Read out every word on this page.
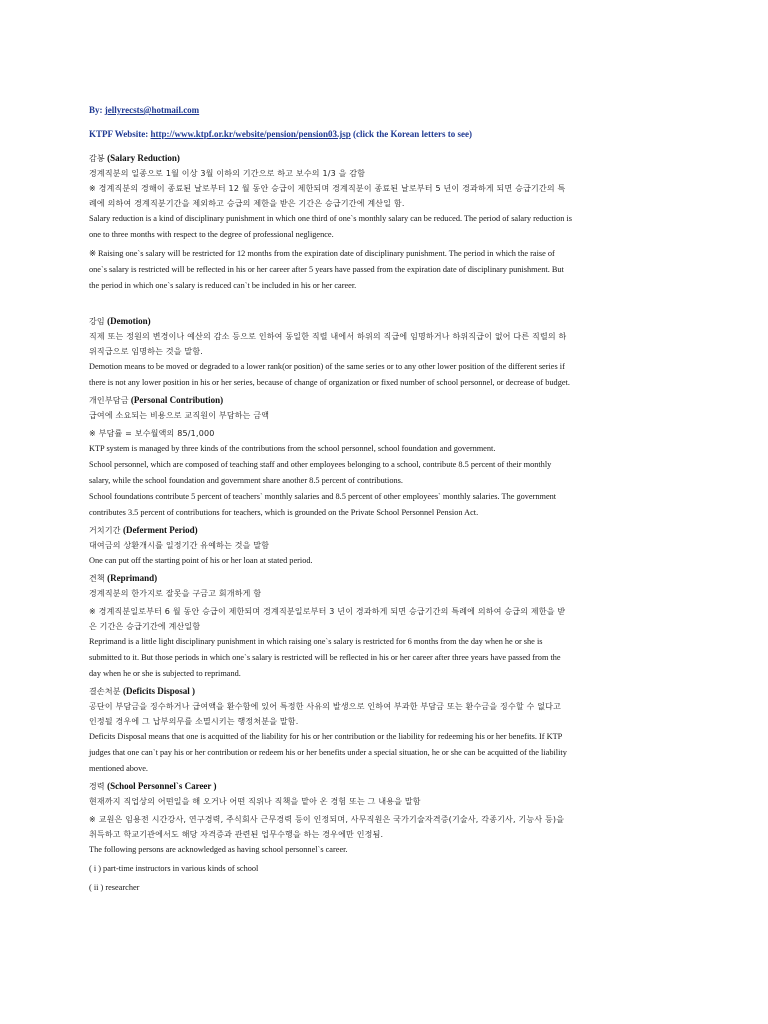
By: jellyrecsts@hotmail.com
KTPF Website: http://www.ktpf.or.kr/website/pension/pension03.jsp (click the Korean letters to see)
감봉 (Salary Reduction)
경계직분의 일종으로 1월 이상 3월 이하의 기간으로 하고 보수의 1/3 을 감함
※ 경계직분의 경해이 종료된 날로부터 12 월 동안 승급이 제한되며 경계직분이 종료된 날로부터 5 년이 경과하게 되면 승급기간의 특
례에 의하여 경계직분기간을 제외하고 승급의 제한을 받은 기간은 승급기간에 계산일 함.
Salary reduction is a kind of disciplinary punishment in which one third of one`s monthly salary can be reduced. The period of salary reduction is
one to three months with respect to the degree of professional negligence.
※ Raising one`s salary will be restricted for 12 months from the expiration date of disciplinary punishment. The period in which the raise of
one`s salary is restricted will be reflected in his or her career after 5 years have passed from the expiration date of disciplinary punishment. But
the period in which one`s salary is reduced can`t be included in his or her career.
강임 (Demotion)
직제 또는 정원의 변경이나 예산의 감소 등으로 인하여 동일한 직렬 내에서 하위의 직급에 임명하거나 하위직급이 없어 다른 직렬의 하
위직급으로 임명하는 것을 말함.
Demotion means to be moved or degraded to a lower rank(or position) of the same series or to any other lower position of the different series if
there is not any lower position in his or her series, because of change of organization or fixed number of school personnel, or decrease of budget.
개인부담금 (Personal Contribution)
급여에 소요되는 비용으로 교직원이 부담하는 금액
※ 부담률 = 보수월액의 85/1,000
KTP system is managed by three kinds of the contributions from the school personnel, school foundation and government.
School personnel, which are composed of teaching staff and other employees belonging to a school, contribute 8.5 percent of their monthly
salary, while the school foundation and government share another 8.5 percent of contributions.
School foundations contribute 5 percent of teachers` monthly salaries and 8.5 percent of other employees` monthly salaries. The government
contributes 3.5 percent of contributions for teachers, which is grounded on the Private School Personnel Pension Act.
거치기간 (Deferment Period)
대여금의 상환개시를 일정기간 유예하는 것을 말함
One can put off the starting point of his or her loan at stated period.
견책 (Reprimand)
경계직분의 한가지로 잘못을 구금고 회개하게 함
※ 경계직분일로부터 6 월 동안 승급이 제한되며 경계직분일로부터 3 년이 경과하게 되면 승급기간의 특례에 의하여 승급의 제한을 받
은 기간은 승급기간에 계산일함
Reprimand is a little light disciplinary punishment in which raising one`s salary is restricted for 6 months from the day when he or she is
submitted to it. But those periods in which one`s salary is restricted will be reflected in his or her career after three years have passed from the
day when he or she is subjected to reprimand.
결손처분 (Deficits Disposal )
공단이 부담금을 징수하거나 급여액을 환수함에 있어 특정한 사유의 발생으로 인하여 부과한 부담금 또는 환수금을 징수할 수 없다고
인정될 경우에 그 납부의무를 소멸시키는 행정처분을 말함.
Deficits Disposal means that one is acquitted of the liability for his or her contribution or the liability for redeeming his or her benefits. If KTP
judges that one can`t pay his or her contribution or redeem his or her benefits under a special situation, he or she can be acquitted of the liability
mentioned above.
경력 (School Personnel`s Career )
현재까지 직업상의 어떤일을 해 오거나 어떤 직위나 직책을 맡아 온 경험 또는 그 내용을 말함
※ 교원은 임용전 시간강사, 연구경력, 주식회사 근무경력 등이 인정되며, 사무직원은 국가기술자격증(기술사, 각종기사, 기능사 등)을
취득하고 학교기관에서도 해당 자격증과 관련된 업무수행을 하는 경우에만 인정됨.
The following persons are acknowledged as having school personnel`s career.
( i ) part-time instructors in various kinds of school
( ii ) researcher
